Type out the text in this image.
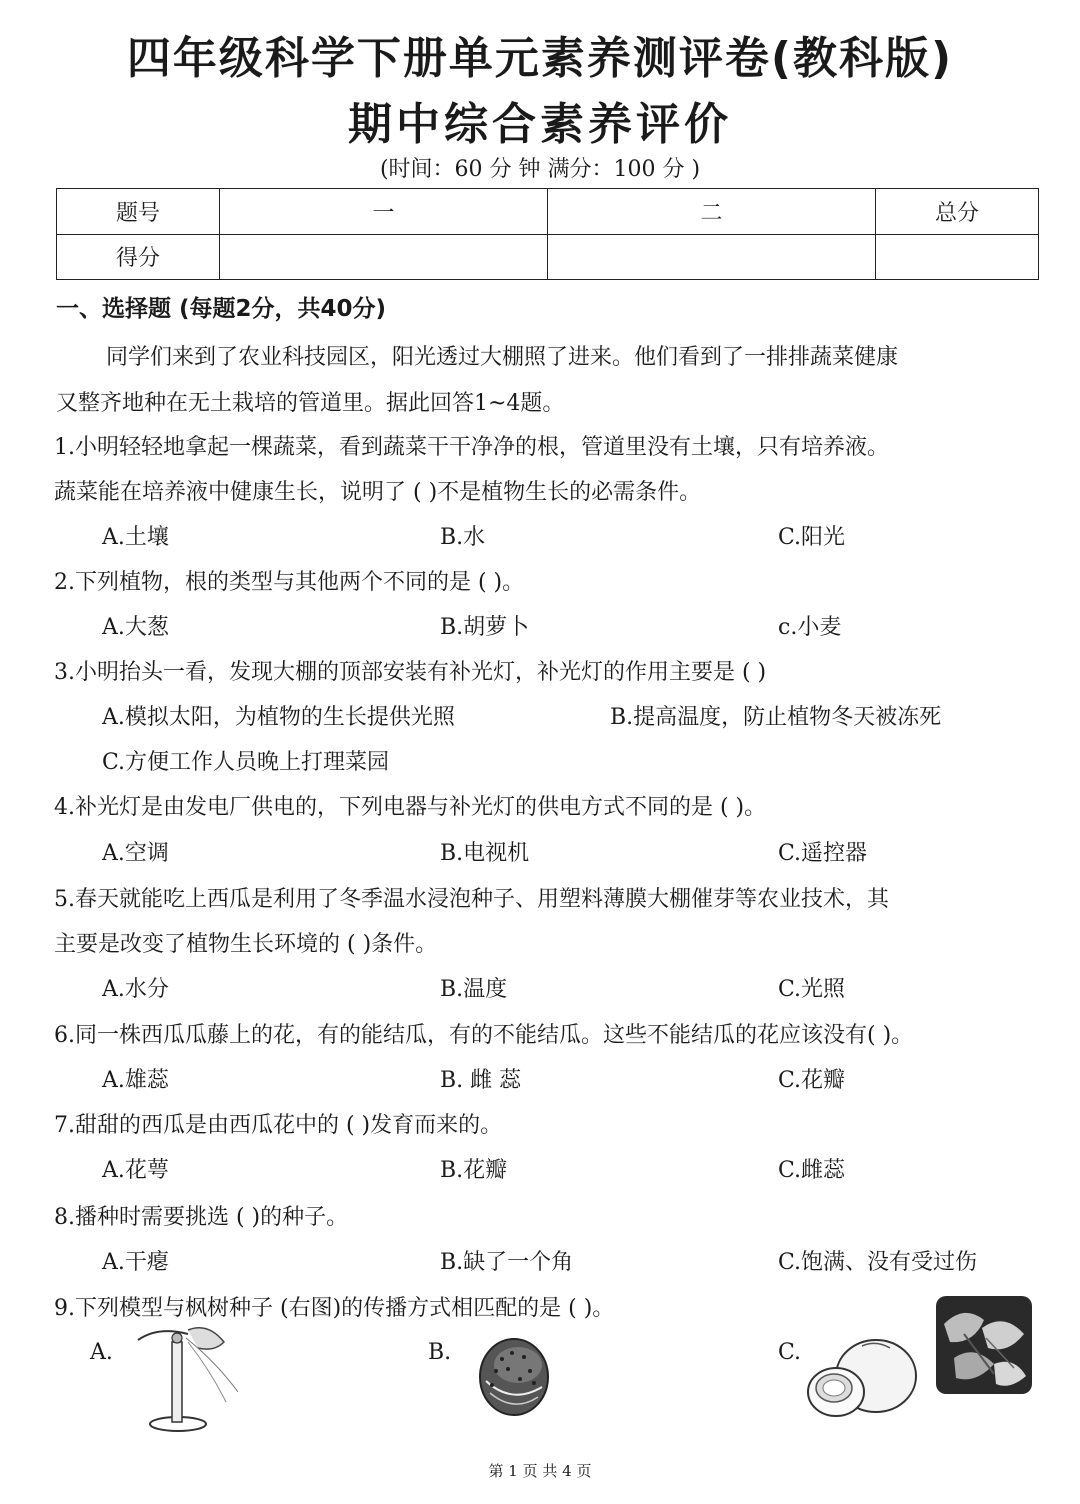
四年级科学下册单元素养测评卷(教科版)
期中综合素养评价
(时间：60 分 钟 满分：100 分 )
题号	一	二	总分
得分			
一、选择题 (每题2分，共40分)
同学们来到了农业科技园区，阳光透过大棚照了进来。他们看到了一排排蔬菜健康
又整齐地种在无土栽培的管道里。据此回答1~4题。
1.小明轻轻地拿起一棵蔬菜，看到蔬菜干干净净的根，管道里没有土壤，只有培养液。
蔬菜能在培养液中健康生长，说明了 ( )不是植物生长的必需条件。
A.土壤	B.水	C.阳光
2.下列植物，根的类型与其他两个不同的是 ( )。
A.大葱	B.胡萝卜	c.小麦
3.小明抬头一看，发现大棚的顶部安装有补光灯，补光灯的作用主要是 ( )
A.模拟太阳，为植物的生长提供光照	B.提高温度，防止植物冬天被冻死
C.方便工作人员晚上打理菜园
4.补光灯是由发电厂供电的，下列电器与补光灯的供电方式不同的是 ( )。
A.空调	B.电视机	C.遥控器
5.春天就能吃上西瓜是利用了冬季温水浸泡种子、用塑料薄膜大棚催芽等农业技术，其
主要是改变了植物生长环境的 ( )条件。
A.水分	B.温度	C.光照
6.同一株西瓜瓜藤上的花，有的能结瓜，有的不能结瓜。这些不能结瓜的花应该没有( )。
A.雄蕊	B. 雌 蕊	C.花瓣
7.甜甜的西瓜是由西瓜花中的 ( )发育而来的。
A.花萼	B.花瓣	C.雌蕊
8.播种时需要挑选 ( )的种子。
A.干瘪	B.缺了一个角	C.饱满、没有受过伤
9.下列模型与枫树种子 (右图)的传播方式相匹配的是 ( )。
A.	B.	C.
第 1 页 共 4 页
